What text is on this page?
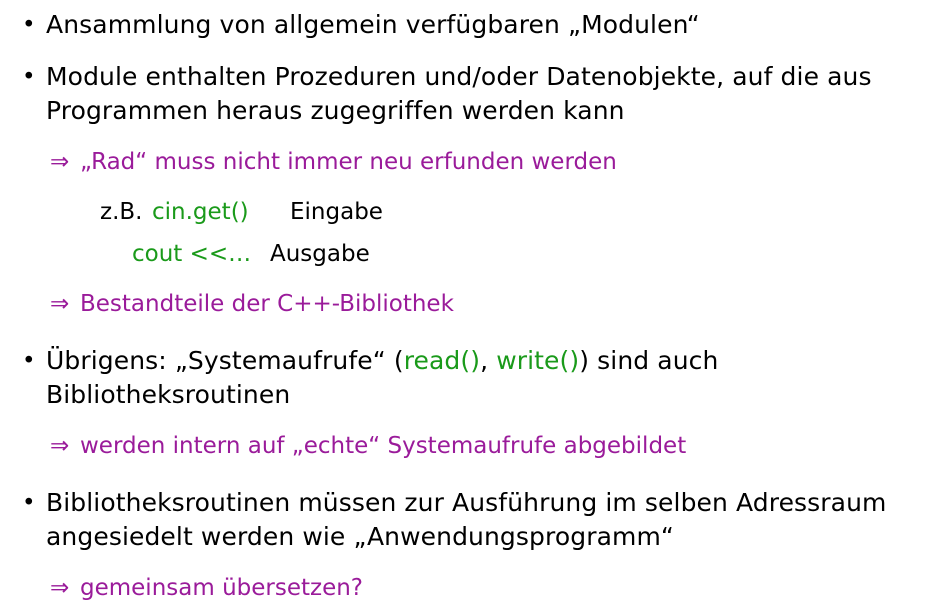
• Ansammlung von allgemein verfügbaren „Modulen“
• Module enthalten Prozeduren und/oder Datenobjekte, auf die aus
Programmen heraus zugegriffen werden kann
⇒ „Rad“ muss nicht immer neu erfunden werden
z.B. cin.get()	Eingabe
cout <<… Ausgabe
⇒ Bestandteile der C++-Bibliothek
• Übrigens: „Systemaufrufe“ (read(), write()) sind auch Bibliotheksroutinen
⇒ werden intern auf „echte“ Systemaufrufe abgebildet
• Bibliotheksroutinen müssen zur Ausführung im selben Adressraum
angesiedelt werden wie „Anwendungsprogramm“
⇒ gemeinsam übersetzen?
